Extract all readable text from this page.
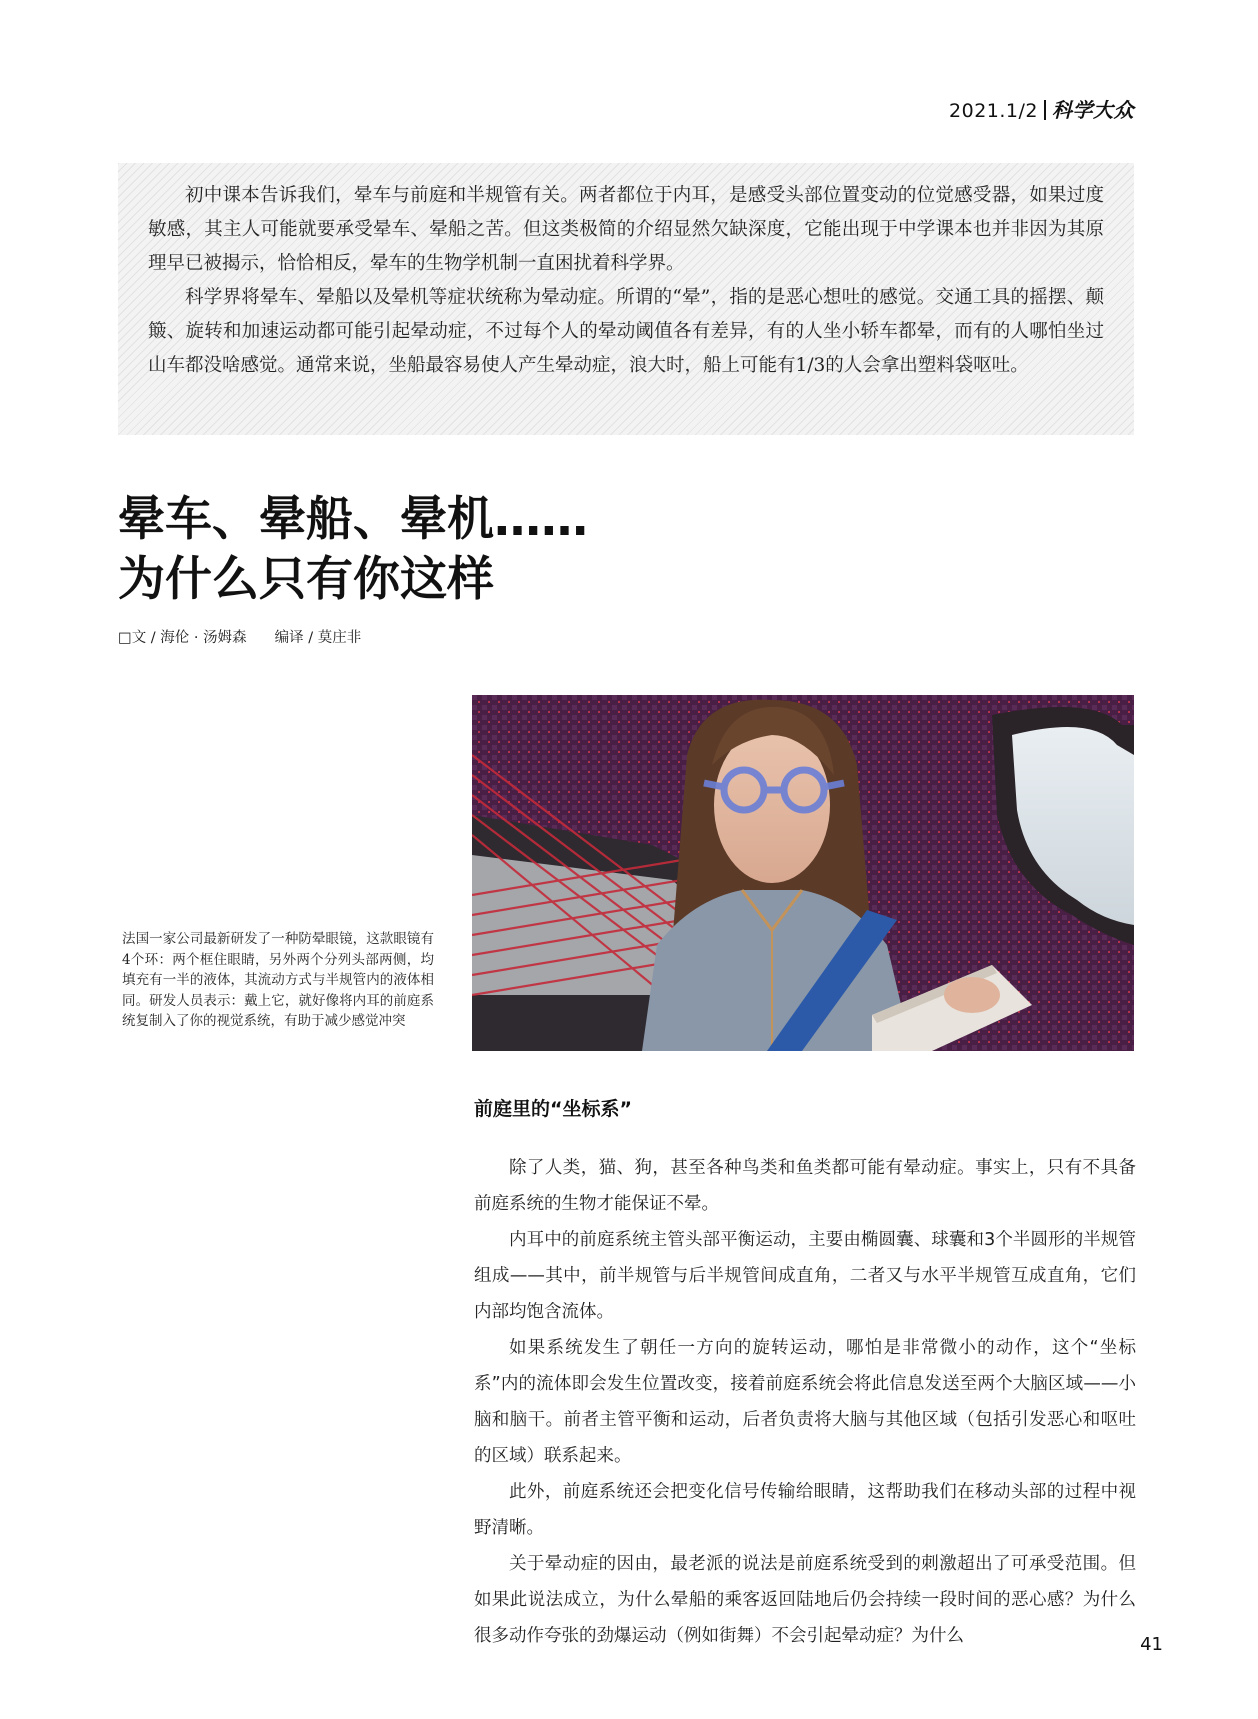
2021.1/2 科学大众

初中课本告诉我们，晕车与前庭和半规管有关。两者都位于内耳，是感受头部位置变动的位觉感受器，如果过度敏感，其主人可能就要承受晕车、晕船之苦。但这类极简的介绍显然欠缺深度，它能出现于中学课本也并非因为其原理早已被揭示，恰恰相反，晕车的生物学机制一直困扰着科学界。

科学界将晕车、晕船以及晕机等症状统称为晕动症。所谓的“晕”，指的是恶心想吐的感觉。交通工具的摇摆、颠簸、旋转和加速运动都可能引起晕动症，不过每个人的晕动阈值各有差异，有的人坐小轿车都晕，而有的人哪怕坐过山车都没啥感觉。通常来说，坐船最容易使人产生晕动症，浪大时，船上可能有1/3的人会拿出塑料袋呕吐。

晕车、晕船、晕机……
为什么只有你这样
□文 / 海伦 · 汤姆森 编译 / 莫庄非

法国一家公司最新研发了一种防晕眼镜，这款眼镜有4个环：两个框住眼睛，另外两个分列头部两侧，均填充有一半的液体，其流动方式与半规管内的液体相同。研发人员表示：戴上它，就好像将内耳的前庭系统复制入了你的视觉系统，有助于减少感觉冲突

前庭里的“坐标系”

除了人类，猫、狗，甚至各种鸟类和鱼类都可能有晕动症。事实上，只有不具备前庭系统的生物才能保证不晕。

内耳中的前庭系统主管头部平衡运动，主要由椭圆囊、球囊和3个半圆形的半规管组成——其中，前半规管与后半规管间成直角，二者又与水平半规管互成直角，它们内部均饱含流体。

如果系统发生了朝任一方向的旋转运动，哪怕是非常微小的动作，这个“坐标系”内的流体即会发生位置改变，接着前庭系统会将此信息发送至两个大脑区域——小脑和脑干。前者主管平衡和运动，后者负责将大脑与其他区域（包括引发恶心和呕吐的区域）联系起来。

此外，前庭系统还会把变化信号传输给眼睛，这帮助我们在移动头部的过程中视野清晰。

关于晕动症的因由，最老派的说法是前庭系统受到的刺激超出了可承受范围。但如果此说法成立，为什么晕船的乘客返回陆地后仍会持续一段时间的恶心感？为什么很多动作夸张的劲爆运动（例如街舞）不会引起晕动症？为什么	41
